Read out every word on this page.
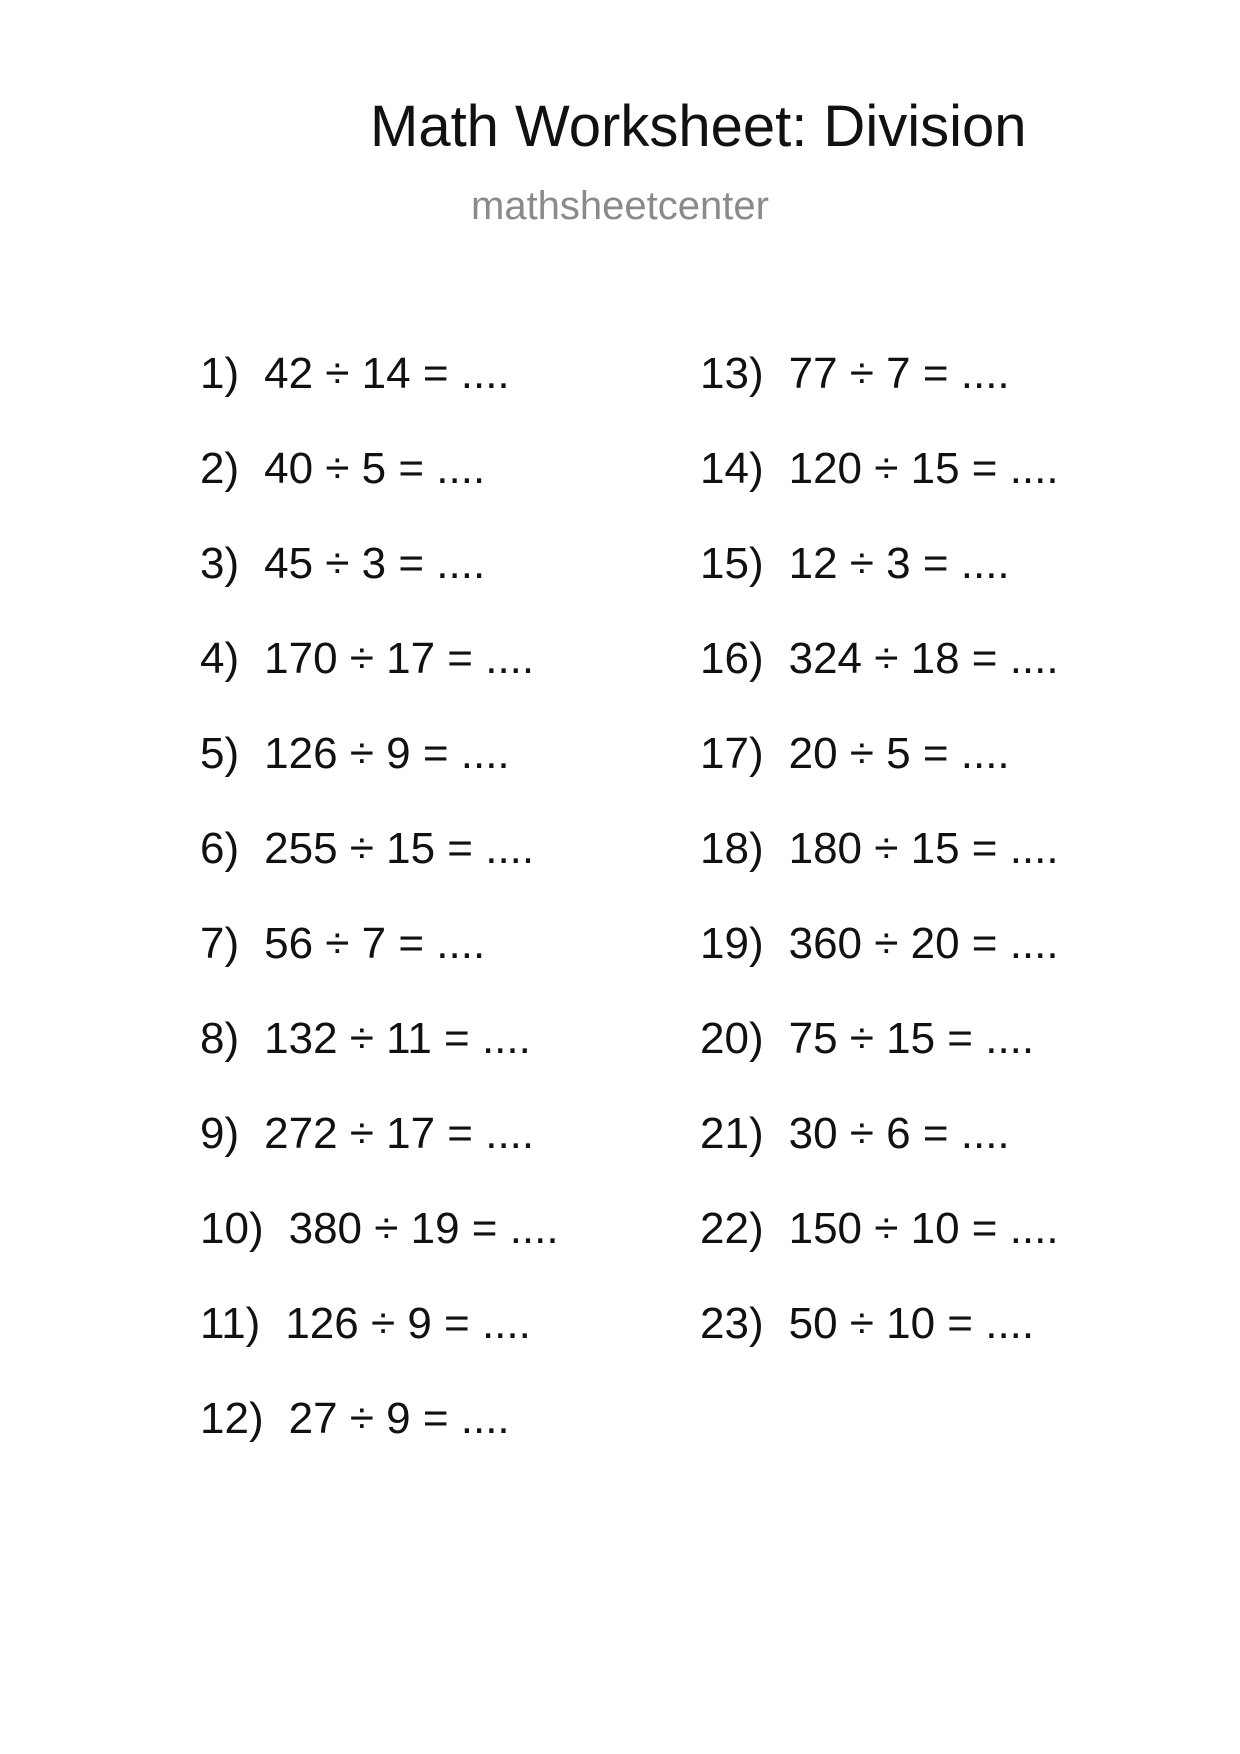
Math Worksheet: Division
mathsheetcenter
1) 42 ÷ 14 = ....
2) 40 ÷ 5 = ....
3) 45 ÷ 3 = ....
4) 170 ÷ 17 = ....
5) 126 ÷ 9 = ....
6) 255 ÷ 15 = ....
7) 56 ÷ 7 = ....
8) 132 ÷ 11 = ....
9) 272 ÷ 17 = ....
10) 380 ÷ 19 = ....
11) 126 ÷ 9 = ....
12) 27 ÷ 9 = ....
13) 77 ÷ 7 = ....
14) 120 ÷ 15 = ....
15) 12 ÷ 3 = ....
16) 324 ÷ 18 = ....
17) 20 ÷ 5 = ....
18) 180 ÷ 15 = ....
19) 360 ÷ 20 = ....
20) 75 ÷ 15 = ....
21) 30 ÷ 6 = ....
22) 150 ÷ 10 = ....
23) 50 ÷ 10 = ....
